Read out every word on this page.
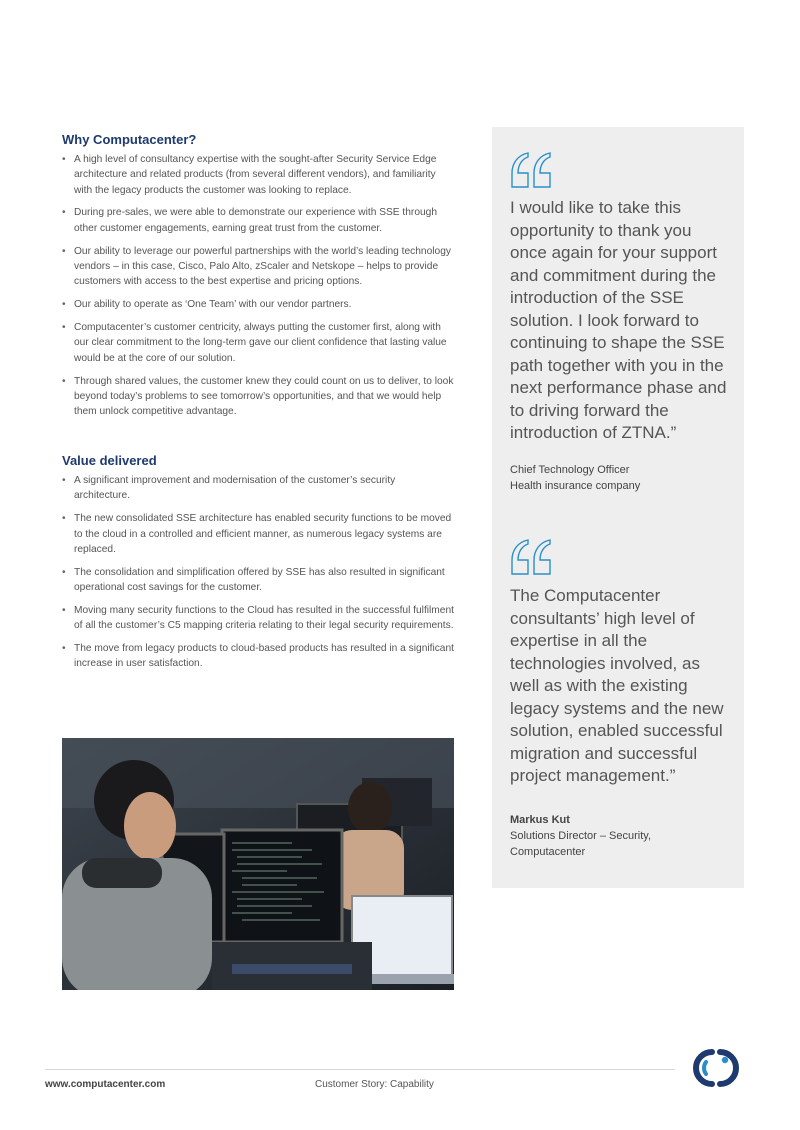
Why Computacenter?
• A high level of consultancy expertise with the sought-after Security Service Edge architecture and related products (from several different vendors), and familiarity with the legacy products the customer was looking to replace.
• During pre-sales, we were able to demonstrate our experience with SSE through other customer engagements, earning great trust from the customer.
• Our ability to leverage our powerful partnerships with the world’s leading technology vendors – in this case, Cisco, Palo Alto, zScaler and Netskope – helps to provide customers with access to the best expertise and pricing options.
• Our ability to operate as ‘One Team’ with our vendor partners.
• Computacenter’s customer centricity, always putting the customer first, along with our clear commitment to the long-term gave our client confidence that lasting value would be at the core of our solution.
• Through shared values, the customer knew they could count on us to deliver, to look beyond today’s problems to see tomorrow’s opportunities, and that we would help them unlock competitive advantage.
Value delivered
• A significant improvement and modernisation of the customer’s security architecture.
• The new consolidated SSE architecture has enabled security functions to be moved to the cloud in a controlled and efficient manner, as numerous legacy systems are replaced.
• The consolidation and simplification offered by SSE has also resulted in significant operational cost savings for the customer.
• Moving many security functions to the Cloud has resulted in the successful fulfilment of all the customer’s C5 mapping criteria relating to their legal security requirements.
• The move from legacy products to cloud-based products has resulted in a significant increase in user satisfaction.

I would like to take this opportunity to thank you once again for your support and commitment during the introduction of the SSE solution. I look forward to continuing to shape the SSE path together with you in the next performance phase and to driving forward the introduction of ZTNA.”

Chief Technology Officer
Health insurance company

The Computacenter consultants’ high level of expertise in all the technologies involved, as well as with the existing legacy systems and the new solution, enabled successful migration and successful project management.”

Markus Kut
Solutions Director – Security,
Computacenter
www.computacenter.com	Customer Story: Capability
